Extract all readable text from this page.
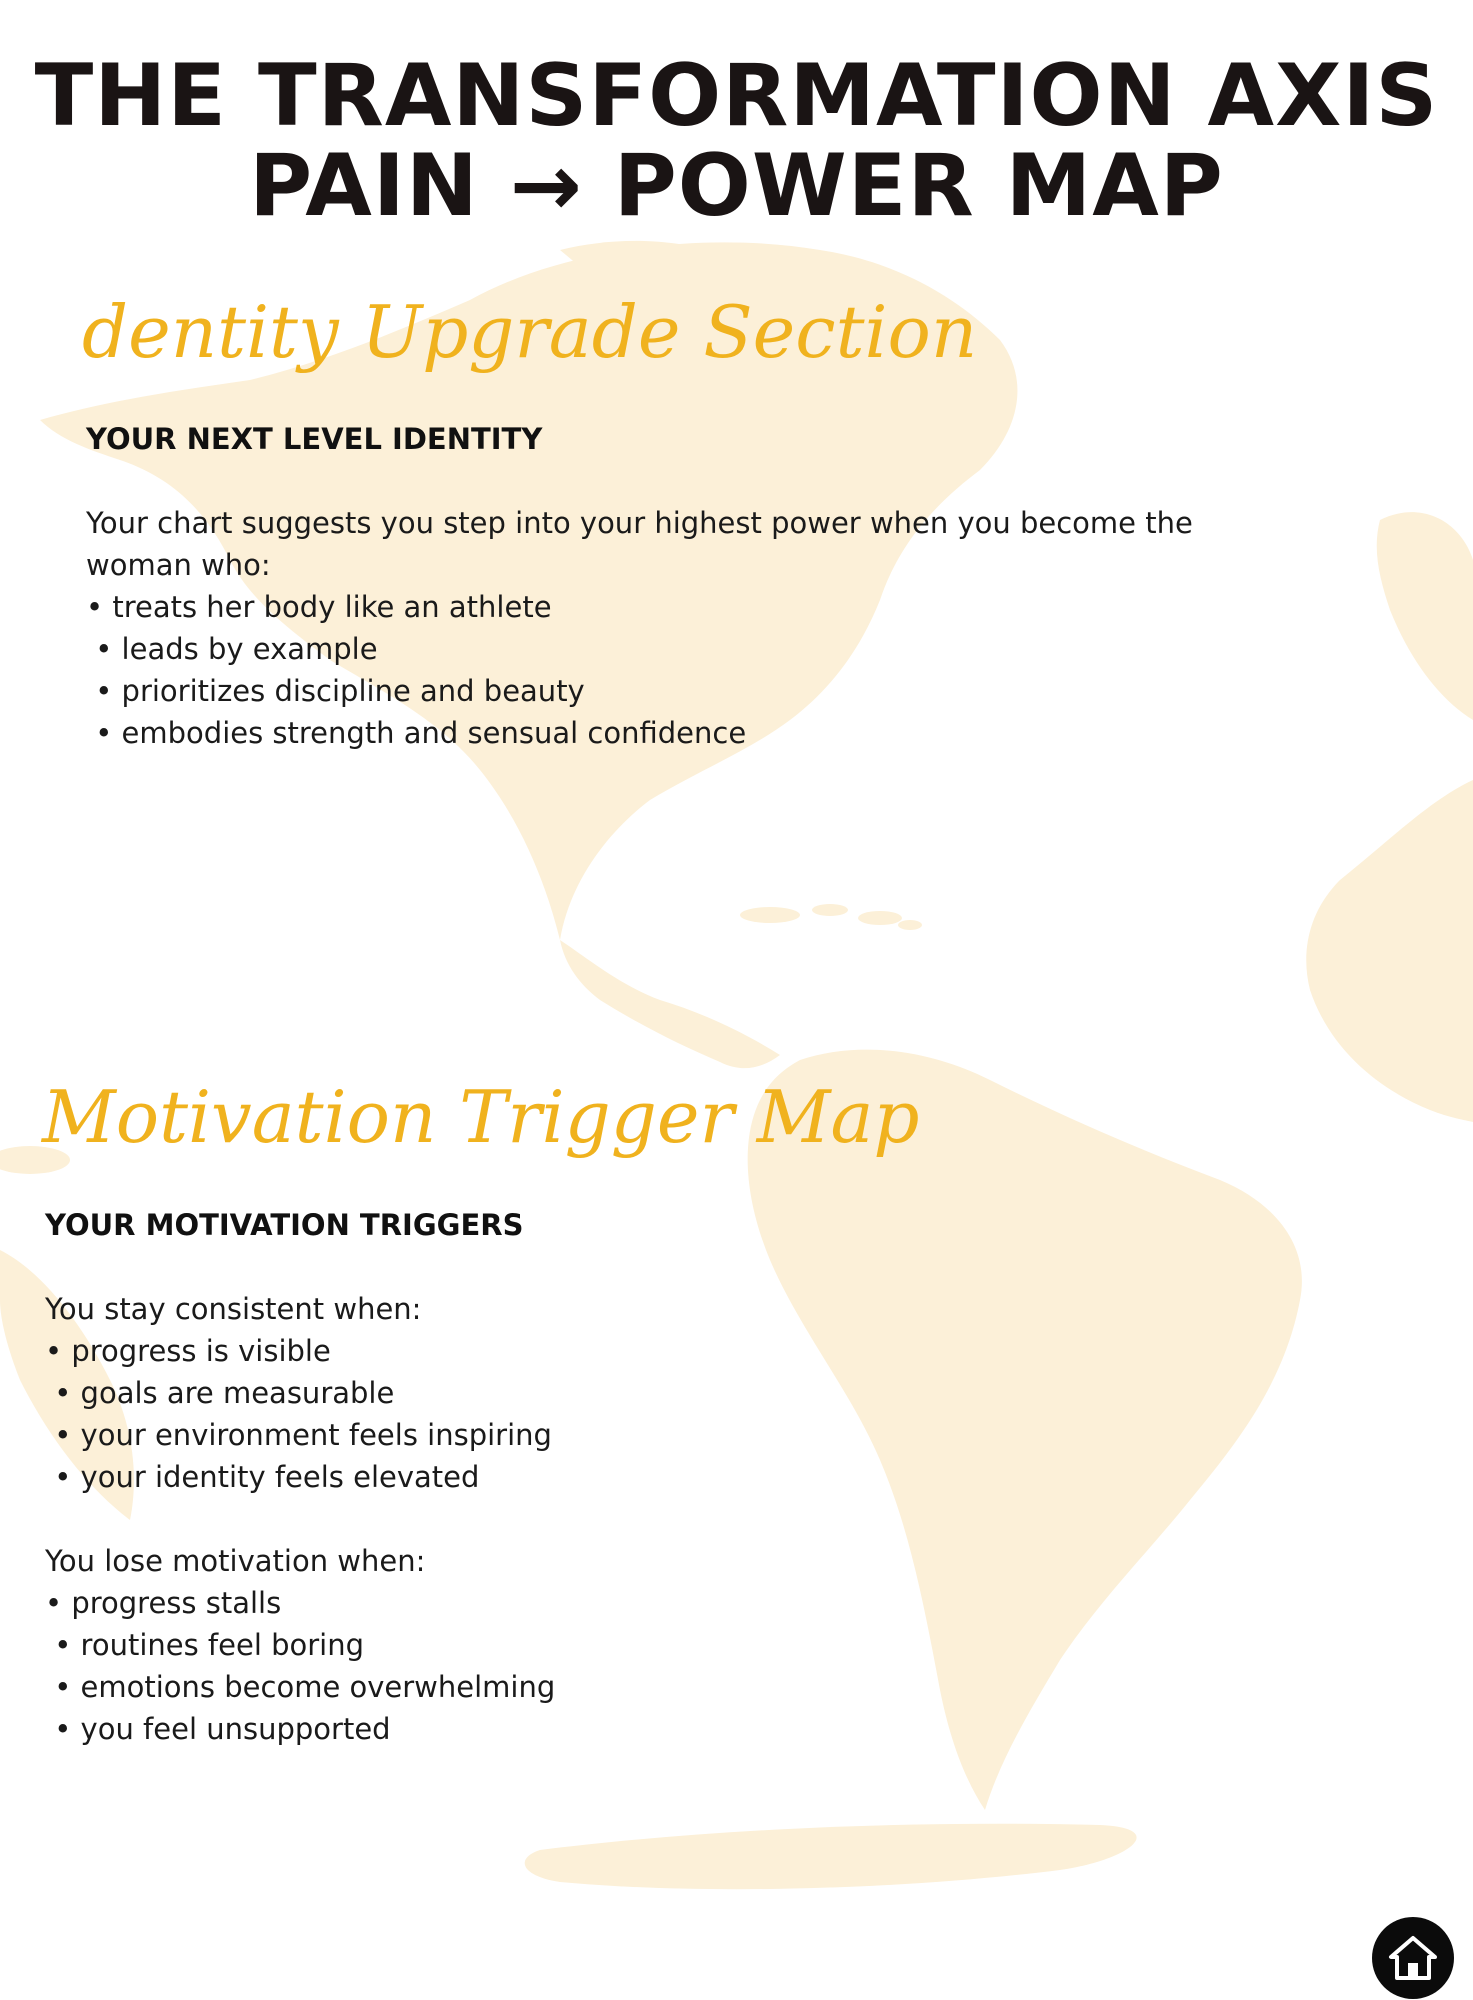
THE TRANSFORMATION AXIS
PAIN → POWER MAP
dentity Upgrade Section
YOUR NEXT LEVEL IDENTITY
Your chart suggests you step into your highest power when you become the
woman who:
• treats her body like an athlete
• leads by example
• prioritizes discipline and beauty
• embodies strength and sensual confidence
Motivation Trigger Map
YOUR MOTIVATION TRIGGERS
You stay consistent when:
• progress is visible
• goals are measurable
• your environment feels inspiring
• your identity feels elevated
You lose motivation when:
• progress stalls
• routines feel boring
• emotions become overwhelming
• you feel unsupported
